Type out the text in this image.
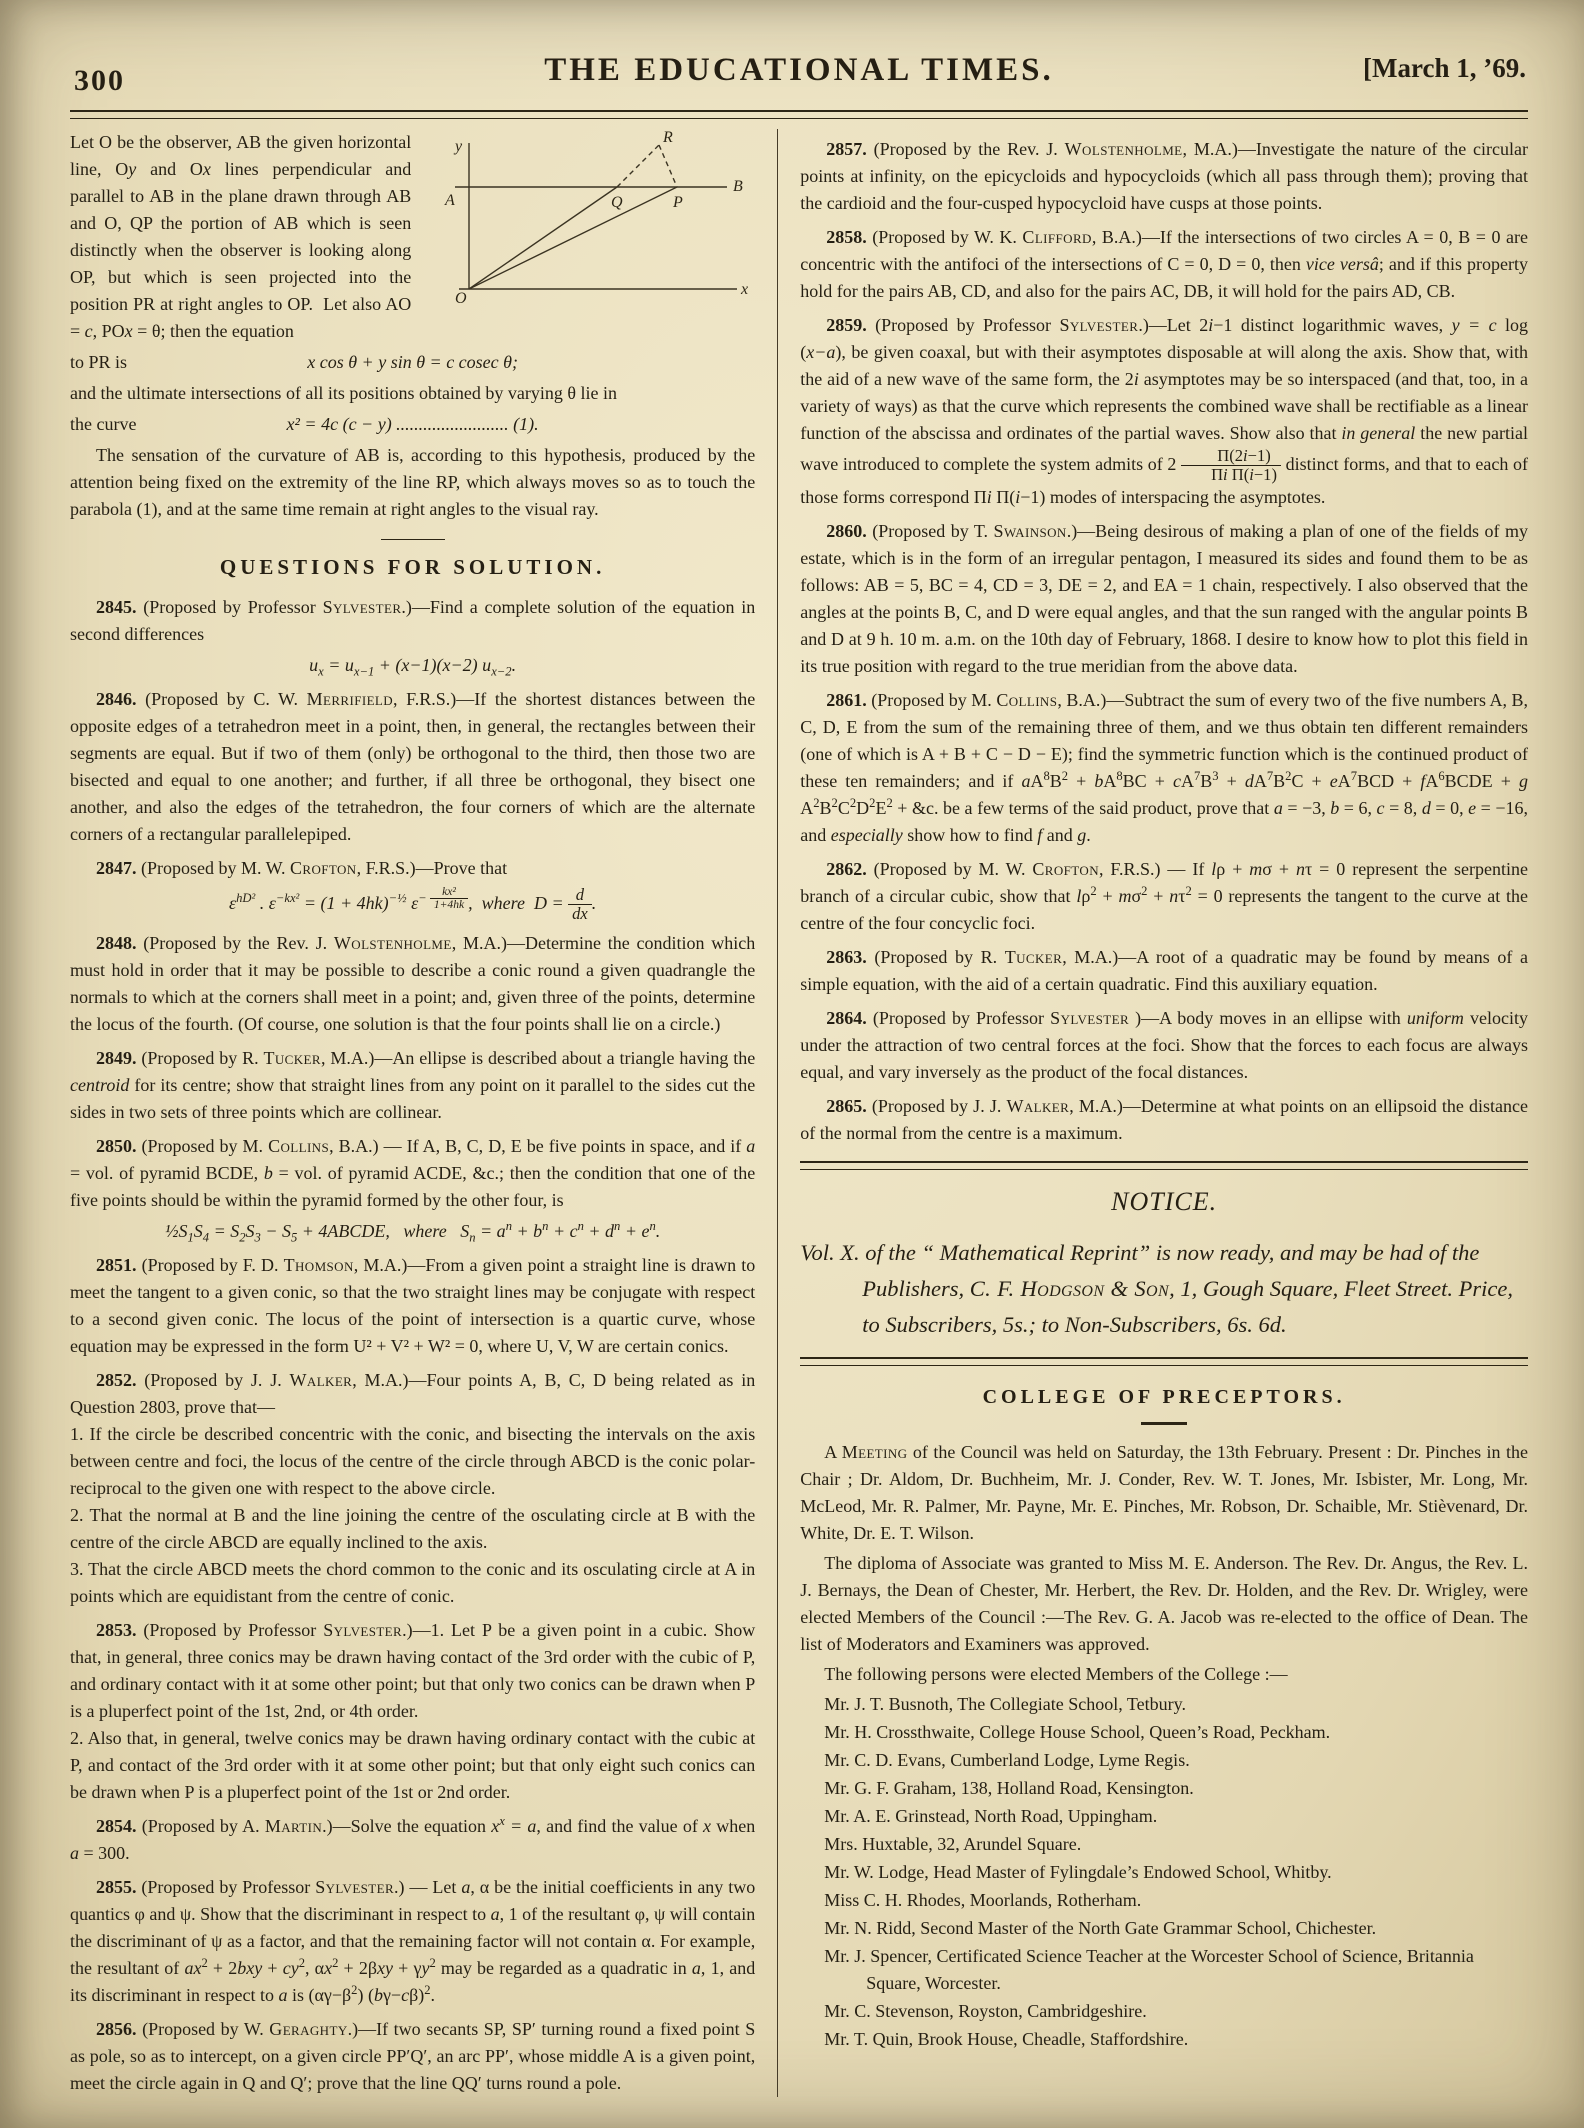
300	THE EDUCATIONAL TIMES.	[March 1, ’69.
y
R
A	Q	P
B
O
x
Let O be the observer, AB the given horizontal line, Oy and Ox lines perpendicular and parallel to AB in the plane drawn through AB and O, QP the portion of AB which is seen distinctly when the observer is looking along OP, but which is seen projected into the position PR at right angles to OP.  Let also AO = c, POx = θ; then the equation
to PR is	x cos θ + y sin θ = c cosec θ;
and the ultimate intersections of all its positions obtained by varying θ lie in
the curve	x² = 4c (c − y) ......................... (1).
The sensation of the curvature of AB is, according to this hypothesis, produced by the attention being fixed on the extremity of the line RP, which always moves so as to touch the parabola (1), and at the same time remain at right angles to the visual ray.
QUESTIONS FOR SOLUTION.
2845. (Proposed by Professor Sylvester.)—Find a complete solution of the equation in second differences
$u_x = u_{x-1} + (x-1)(x-2)$ $u_{x-2}$.
2846. (Proposed by C. W. Merrifield, F.R.S.)—If the shortest distances between the opposite edges of a tetrahedron meet in a point, then, in general, the rectangles between their segments are equal. But if two of them (only) be orthogonal to the third, then those two are bisected and equal to one another; and further, if all three be orthogonal, they bisect one another, and also the edges of the tetrahedron, the four corners of which are the alternate corners of a rectangular parallelepiped.
2847. (Proposed by M. W. Crofton, F.R.S.)—Prove that
$\varepsilon^{hD^2}$ . $\varepsilon^{-kx^2} = (1 + 4hk)^{-\frac{1}{2}}$ $\varepsilon^{- \frac{\text{kx²}}{1+4hk}}$ ,  where  $D = \frac{d}{dx}$ .
2848. (Proposed by the Rev. J. Wolstenholme, M.A.)—Determine the condition which must hold in order that it may be possible to describe a conic round a given quadrangle the normals to which at the corners shall meet in a point; and, given three of the points, determine the locus of the fourth. (Of course, one solution is that the four points shall lie on a circle.)
2849. (Proposed by R. Tucker, M.A.)—An ellipse is described about a triangle having the centroid for its centre; show that straight lines from any point on it parallel to the sides cut the sides in two sets of three points which are collinear.
2850. (Proposed by M. Collins, B.A.) — If A, B, C, D, E be five points in space, and if a = vol. of pyramid BCDE, b = vol. of pyramid ACDE, &c.; then the condition that one of the five points should be within the pyramid formed by the other four, is
$\frac{1}{2}S_1S_4 = S_2S_3 - S_5$ + 4ABCDE,   where   $S_n = a^n + b^n + c^n + d^n + e^n$.
2851. (Proposed by F. D. Thomson, M.A.)—From a given point a straight line is drawn to meet the tangent to a given conic, so that the two straight lines may be conjugate with respect to a second given conic. The locus of the point of intersection is a quartic curve, whose equation may be expressed in the form U² + V² + W² = 0, where U, V, W are certain conics.
2852. (Proposed by J. J. Walker, M.A.)—Four points A, B, C, D being related as in Question 2803, prove that—
1. If the circle be described concentric with the conic, and bisecting the intervals on the axis between centre and foci, the locus of the centre of the circle through ABCD is the conic polar-reciprocal to the given one with respect to the above circle.
2. That the normal at B and the line joining the centre of the osculating circle at B with the centre of the circle ABCD are equally inclined to the axis.
3. That the circle ABCD meets the chord common to the conic and its osculating circle at A in points which are equidistant from the centre of conic.
2853. (Proposed by Professor Sylvester.)—1. Let P be a given point in a cubic. Show that, in general, three conics may be drawn having contact of the 3rd order with the cubic of P, and ordinary contact with it at some other point; but that only two conics can be drawn when P is a pluperfect point of the 1st, 2nd, or 4th order.
2. Also that, in general, twelve conics may be drawn having ordinary contact with the cubic at P, and contact of the 3rd order with it at some other point; but that only eight such conics can be drawn when P is a pluperfect point of the 1st or 2nd order.
2854. (Proposed by A. Martin.)—Solve the equation $x^x = a$, and find the value of x when a = 300.
2855. (Proposed by Professor Sylvester.) — Let a, α be the initial coefficients in any two quantics φ and ψ. Show that the discriminant in respect to a, 1 of the resultant φ, ψ will contain the discriminant of ψ as a factor, and that the remaining factor will not contain α. For example, the resultant of $ax^2 + 2bxy + cy^2$, $\alpha x^2 + 2\beta xy + \gamma y^2$ may be regarded as a quadratic in a, 1, and its discriminant in respect to a is $(\alpha\gamma-\beta^2)$ $(b\gamma-c\beta)^2$.
2856. (Proposed by W. Geraghty.)—If two secants SP, SP′ turning round a fixed point S as pole, so as to intercept, on a given circle PP′Q′, an arc PP′, whose middle A is a given point, meet the circle again in Q and Q′; prove that the line QQ′ turns round a pole.
2857. (Proposed by the Rev. J. Wolstenholme, M.A.)—Investigate the nature of the circular points at infinity, on the epicycloids and hypocycloids (which all pass through them); proving that the cardioid and the four-cusped hypocycloid have cusps at those points.
2858. (Proposed by W. K. Clifford, B.A.)—If the intersections of two circles A = 0, B = 0 are concentric with the antifoci of the intersections of C = 0, D = 0, then vice versâ; and if this property hold for the pairs AB, CD, and also for the pairs AC, DB, it will hold for the pairs AD, CB.
2859. (Proposed by Professor Sylvester.)—Let 2i−1 distinct logarithmic waves, y = c log (x−a), be given coaxal, but with their asymptotes disposable at will along the axis. Show that, with the aid of a new wave of the same form, the 2i asymptotes may be so interspaced (and that, too, in a variety of ways) as that the curve which represents the combined wave shall be rectifiable as a linear function of the abscissa and ordinates of the partial waves. Show also that in general the new partial wave introduced to complete the system admits of $2 \frac{\Pi(2i-1)}{\text{Πi Π(i−1)}}$ distinct forms, and that to each of those forms correspond Πi Π(i−1) modes of interspacing the asymptotes.
2860. (Proposed by T. Swainson.)—Being desirous of making a plan of one of the fields of my estate, which is in the form of an irregular pentagon, I measured its sides and found them to be as follows: AB = 5, BC = 4, CD = 3, DE = 2, and EA = 1 chain, respectively. I also observed that the angles at the points B, C, and D were equal angles, and that the sun ranged with the angular points B and D at 9 h. 10 m. a.m. on the 10th day of February, 1868. I desire to know how to plot this field in its true position with regard to the true meridian from the above data.
2861. (Proposed by M. Collins, B.A.)—Subtract the sum of every two of the five numbers A, B, C, D, E from the sum of the remaining three of them, and we thus obtain ten different remainders (one of which is A + B + C − D − E); find the symmetric function which is the continued product of these ten remainders; and if $aA^8B^2 + bA^8BC + cA^7B^3 + dA^7B^2C + eA^7BCD$ + $fA^6BCDE + g$ $A^2B^2C^2D^2E^2$ + &c. be a few terms of the said product, prove that a = −3, b = 6, c = 8, d = 0, e = −16, and especially show how to find f and g.
2862. (Proposed by M. W. Crofton, F.R.S.) — If lρ + mσ + nτ = 0 represent the serpentine branch of a circular cubic, show that $l\rho^2 + m\sigma^2 + n\tau^2 = 0$ represents the tangent to the curve at the centre of the four concyclic foci.
2863. (Proposed by R. Tucker, M.A.)—A root of a quadratic may be found by means of a simple equation, with the aid of a certain quadratic. Find this auxiliary equation.
2864. (Proposed by Professor Sylvester )—A body moves in an ellipse with uniform velocity under the attraction of two central forces at the foci. Show that the forces to each focus are always equal, and vary inversely as the product of the focal distances.
2865. (Proposed by J. J. Walker, M.A.)—Determine at what points on an ellipsoid the distance of the normal from the centre is a maximum.
NOTICE.
Vol. X. of the “ Mathematical Reprint” is now ready, and may be had of the Publishers, C. F. Hodgson & Son, 1, Gough Square, Fleet Street. Price, to Subscribers, 5s.; to Non-Subscribers, 6s. 6d.
COLLEGE OF PRECEPTORS.
A Meeting of the Council was held on Saturday, the 13th February. Present : Dr. Pinches in the Chair ; Dr. Aldom, Dr. Buchheim, Mr. J. Conder, Rev. W. T. Jones, Mr. Isbister, Mr. Long, Mr. McLeod, Mr. R. Palmer, Mr. Payne, Mr. E. Pinches, Mr. Robson, Dr. Schaible, Mr. Stièvenard, Dr. White, Dr. E. T. Wilson.
The diploma of Associate was granted to Miss M. E. Anderson. The Rev. Dr. Angus, the Rev. L. J. Bernays, the Dean of Chester, Mr. Herbert, the Rev. Dr. Holden, and the Rev. Dr. Wrigley, were elected Members of the Council :—The Rev. G. A. Jacob was re-elected to the office of Dean. The list of Moderators and Examiners was approved.
The following persons were elected Members of the College :—
Mr. J. T. Busnoth, The Collegiate School, Tetbury.
Mr. H. Crossthwaite, College House School, Queen’s Road, Peckham.
Mr. C. D. Evans, Cumberland Lodge, Lyme Regis.
Mr. G. F. Graham, 138, Holland Road, Kensington.
Mr. A. E. Grinstead, North Road, Uppingham.
Mrs. Huxtable, 32, Arundel Square.
Mr. W. Lodge, Head Master of Fylingdale’s Endowed School, Whitby.
Miss C. H. Rhodes, Moorlands, Rotherham.
Mr. N. Ridd, Second Master of the North Gate Grammar School, Chichester.
Mr. J. Spencer, Certificated Science Teacher at the Worcester School of Science, Britannia Square, Worcester.
Mr. C. Stevenson, Royston, Cambridgeshire.
Mr. T. Quin, Brook House, Cheadle, Staffordshire.
